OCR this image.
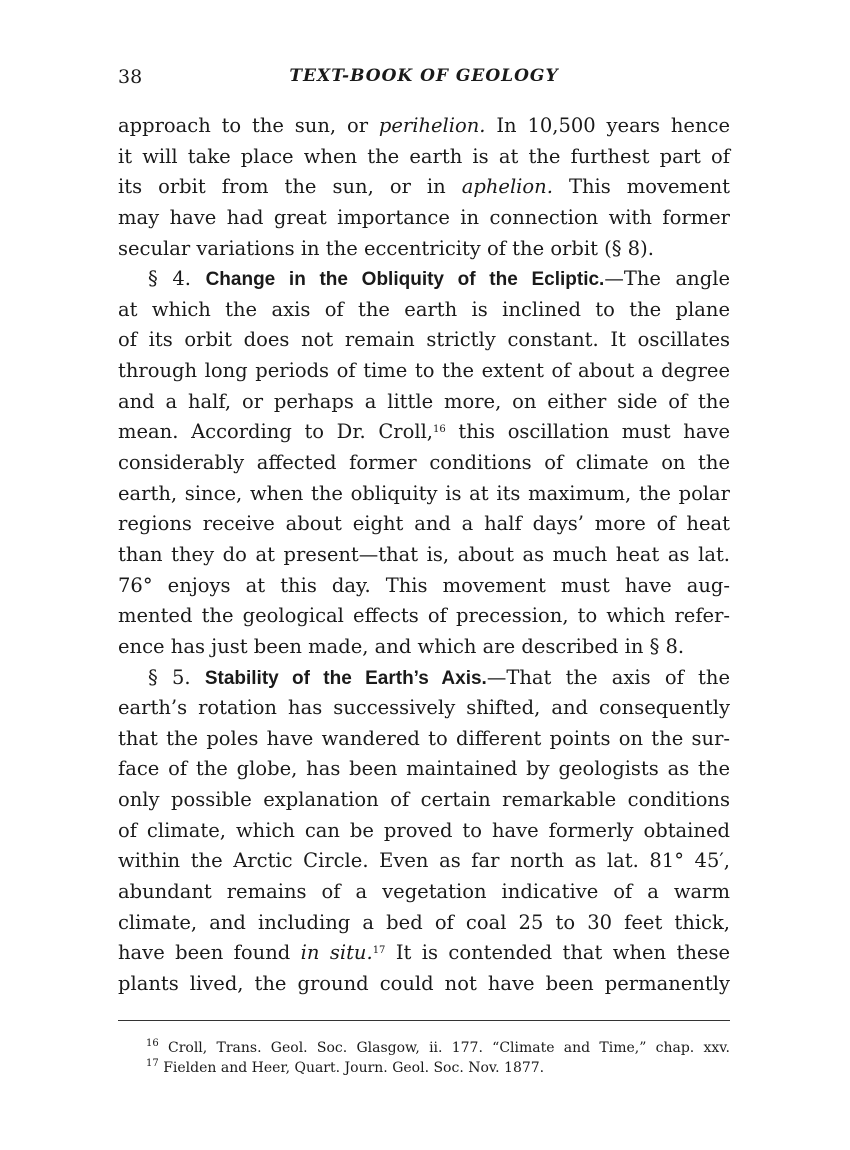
38	TEXT-BOOK OF GEOLOGY
approach to the sun, or perihelion. In 10,500 years hence
it will take place when the earth is at the furthest part of
its orbit from the sun, or in aphelion. This movement
may have had great importance in connection with former
secular variations in the eccentricity of the orbit (§ 8).
§ 4. Change in the Obliquity of the Ecliptic.—The angle
at which the axis of the earth is inclined to the plane
of its orbit does not remain strictly constant. It oscillates
through long periods of time to the extent of about a degree
and a half, or perhaps a little more, on either side of the
mean. According to Dr. Croll,$^{16}$ this oscillation must have
considerably affected former conditions of climate on the
earth, since, when the obliquity is at its maximum, the polar
regions receive about eight and a half days’ more of heat
than they do at present—that is, about as much heat as lat.
76° enjoys at this day. This movement must have aug-
mented the geological effects of precession, to which refer-
ence has just been made, and which are described in § 8.
§ 5. Stability of the Earth’s Axis.—That the axis of the
earth’s rotation has successively shifted, and consequently
that the poles have wandered to different points on the sur-
face of the globe, has been maintained by geologists as the
only possible explanation of certain remarkable conditions
of climate, which can be proved to have formerly obtained
within the Arctic Circle. Even as far north as lat. 81° 45′,
abundant remains of a vegetation indicative of a warm
climate, and including a bed of coal 25 to 30 feet thick,
have been found in situ.$^{17}$ It is contended that when these
plants lived, the ground could not have been permanently
$^{16}$ Croll, Trans. Geol. Soc. Glasgow, ii. 177. “Climate and Time,” chap. xxv.
$^{17}$ Fielden and Heer, Quart. Journ. Geol. Soc. Nov. 1877.
